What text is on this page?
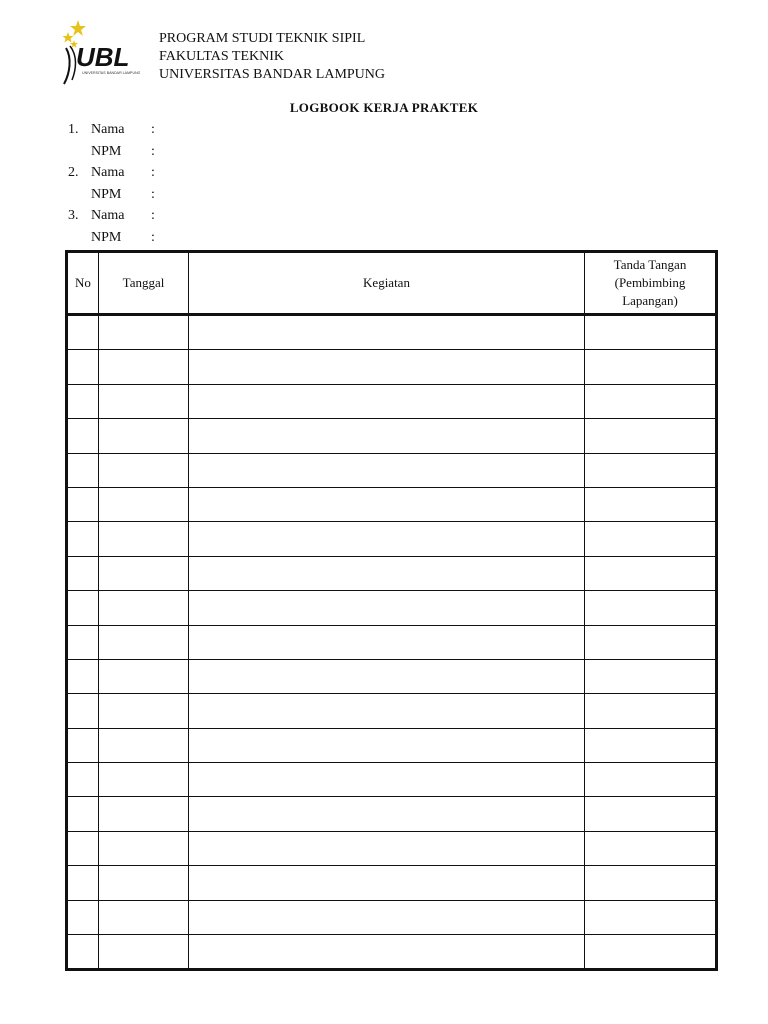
UBL
UNIVERSITAS BANDAR LAMPUNG
PROGRAM STUDI TEKNIK SIPIL
FAKULTAS TEKNIK
UNIVERSITAS BANDAR LAMPUNG
LOGBOOK KERJA PRAKTEK
1. Nama :
NPM :
2. Nama :
NPM :
3. Nama :
NPM :
No	Tanggal	Kegiatan	Tanda Tangan
(Pembimbing
Lapangan)
